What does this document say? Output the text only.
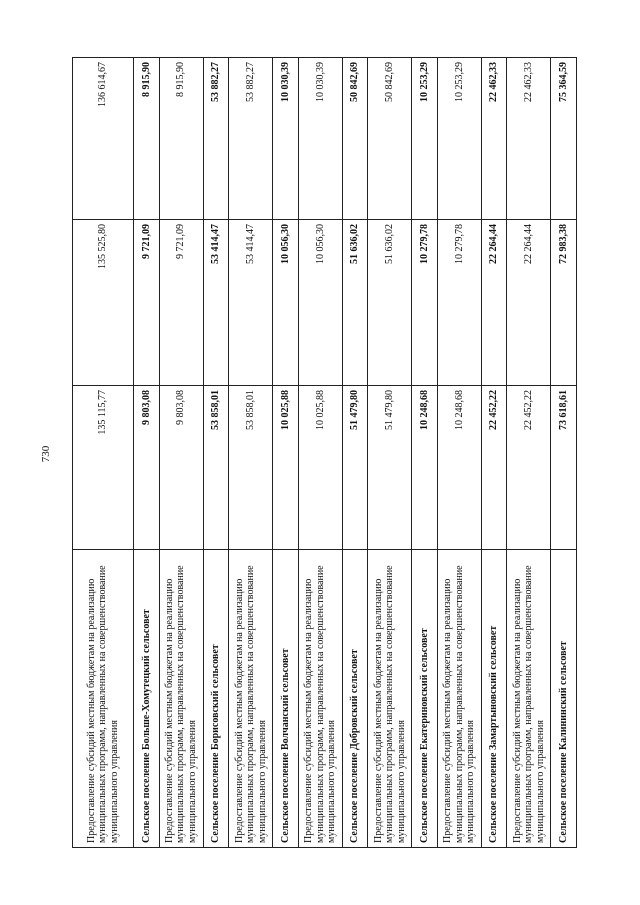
730
Предоставление субсидий местным бюджетам на реализацию муниципальных программ, направленных на совершенствование муниципального управления	135 115,77	135 525,80	136 614,67
Сельское поселение Больше-Хомутецкий сельсовет	9 803,08	9 721,09	8 915,90
Предоставление субсидий местным бюджетам на реализацию муниципальных программ, направленных на совершенствование муниципального управления	9 803,08	9 721,09	8 915,90
Сельское поселение Борисовский сельсовет	53 858,01	53 414,47	53 882,27
Предоставление субсидий местным бюджетам на реализацию муниципальных программ, направленных на совершенствование муниципального управления	53 858,01	53 414,47	53 882,27
Сельское поселение Волчанский сельсовет	10 025,88	10 056,30	10 030,39
Предоставление субсидий местным бюджетам на реализацию муниципальных программ, направленных на совершенствование муниципального управления	10 025,88	10 056,30	10 030,39
Сельское поселение Добровский сельсовет	51 479,80	51 636,02	50 842,69
Предоставление субсидий местным бюджетам на реализацию муниципальных программ, направленных на совершенствование муниципального управления	51 479,80	51 636,02	50 842,69
Сельское поселение Екатериновский сельсовет	10 248,68	10 279,78	10 253,29
Предоставление субсидий местным бюджетам на реализацию муниципальных программ, направленных на совершенствование муниципального управления	10 248,68	10 279,78	10 253,29
Сельское поселение Замартыновский сельсовет	22 452,22	22 264,44	22 462,33
Предоставление субсидий местным бюджетам на реализацию муниципальных программ, направленных на совершенствование муниципального управления	22 452,22	22 264,44	22 462,33
Сельское поселение Калининский сельсовет	73 618,61	72 983,38	75 364,59
